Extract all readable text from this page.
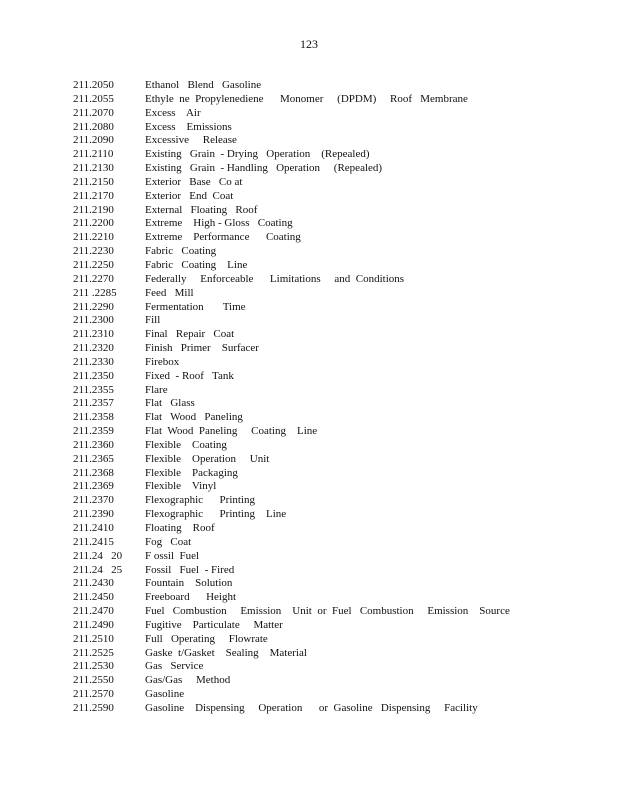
123
211.2050	Ethanol   Blend   Gasoline
211.2055	Ethyle  ne  Propylenediene      Monomer     (DPDM)     Roof   Membrane
211.2070	Excess    Air
211.2080	Excess    Emissions
211.2090	Excessive     Release
211.2110	Existing   Grain  - Drying   Operation    (Repealed)
211.2130	Existing   Grain  - Handling   Operation     (Repealed)
211.2150	Exterior   Base   Co at
211.2170	Exterior   End  Coat
211.2190	External   Floating   Roof
211.2200	Extreme    High - Gloss   Coating
211.2210	Extreme    Performance      Coating
211.2230	Fabric   Coating
211.2250	Fabric   Coating    Line
211.2270	Federally     Enforceable      Limitations     and  Conditions
211 .2285	Feed   Mill
211.2290	Fermentation       Time
211.2300	Fill
211.2310	Final   Repair   Coat
211.2320	Finish   Primer    Surfacer
211.2330	Firebox
211.2350	Fixed  - Roof   Tank
211.2355	Flare
211.2357	Flat   Glass
211.2358	Flat   Wood   Paneling
211.2359	Flat  Wood  Paneling     Coating    Line
211.2360	Flexible    Coating
211.2365	Flexible    Operation     Unit
211.2368	Flexible    Packaging
211.2369	Flexible    Vinyl
211.2370	Flexographic      Printing
211.2390	Flexographic      Printing    Line
211.2410	Floating    Roof
211.2415	Fog   Coat
211.24   20	F ossil  Fuel
211.24   25	Fossil   Fuel  - Fired
211.2430	Fountain    Solution
211.2450	Freeboard      Height
211.2470	Fuel   Combustion     Emission    Unit  or  Fuel   Combustion     Emission    Source
211.2490	Fugitive    Particulate     Matter
211.2510	Full   Operating     Flowrate
211.2525	Gaske  t/Gasket    Sealing    Material
211.2530	Gas   Service
211.2550	Gas/Gas     Method
211.2570	Gasoline
211.2590	Gasoline    Dispensing     Operation      or  Gasoline   Dispensing     Facility
